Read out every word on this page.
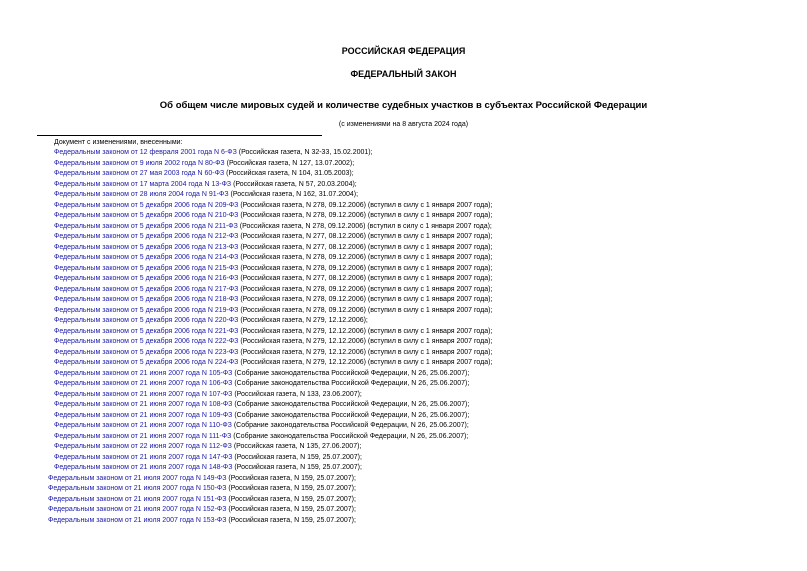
РОССИЙСКАЯ ФЕДЕРАЦИЯ
ФЕДЕРАЛЬНЫЙ ЗАКОН
Об общем числе мировых судей и количестве судебных участков в субъектах Российской Федерации
(с изменениями на 8 августа 2024 года)
Документ с изменениями, внесенными:
Федеральным законом от 12 февраля 2001 года N 6-ФЗ (Российская газета, N 32-33, 15.02.2001);
Федеральным законом от 9 июля 2002 года N 80-ФЗ (Российская газета, N 127, 13.07.2002);
Федеральным законом от 27 мая 2003 года N 60-ФЗ (Российская газета, N 104, 31.05.2003);
Федеральным законом от 17 марта 2004 года N 13-ФЗ (Российская газета, N 57, 20.03.2004);
Федеральным законом от 28 июля 2004 года N 91-ФЗ (Российская газета, N 162, 31.07.2004);
Федеральным законом от 5 декабря 2006 года N 209-ФЗ (Российская газета, N 278, 09.12.2006) (вступил в силу с 1 января 2007 года);
Федеральным законом от 5 декабря 2006 года N 210-ФЗ (Российская газета, N 278, 09.12.2006) (вступил в силу с 1 января 2007 года);
Федеральным законом от 5 декабря 2006 года N 211-ФЗ (Российская газета, N 278, 09.12.2006) (вступил в силу с 1 января 2007 года);
Федеральным законом от 5 декабря 2006 года N 212-ФЗ (Российская газета, N 277, 08.12.2006) (вступил в силу с 1 января 2007 года);
Федеральным законом от 5 декабря 2006 года N 213-ФЗ (Российская газета, N 277, 08.12.2006) (вступил в силу с 1 января 2007 года);
Федеральным законом от 5 декабря 2006 года N 214-ФЗ (Российская газета, N 278, 09.12.2006) (вступил в силу с 1 января 2007 года);
Федеральным законом от 5 декабря 2006 года N 215-ФЗ (Российская газета, N 278, 09.12.2006) (вступил в силу с 1 января 2007 года);
Федеральным законом от 5 декабря 2006 года N 216-ФЗ (Российская газета, N 277, 08.12.2006) (вступил в силу с 1 января 2007 года);
Федеральным законом от 5 декабря 2006 года N 217-ФЗ (Российская газета, N 278, 09.12.2006) (вступил в силу с 1 января 2007 года);
Федеральным законом от 5 декабря 2006 года N 218-ФЗ (Российская газета, N 278, 09.12.2006) (вступил в силу с 1 января 2007 года);
Федеральным законом от 5 декабря 2006 года N 219-ФЗ (Российская газета, N 278, 09.12.2006) (вступил в силу с 1 января 2007 года);
Федеральным законом от 5 декабря 2006 года N 220-ФЗ (Российская газета, N 279, 12.12.2006);
Федеральным законом от 5 декабря 2006 года N 221-ФЗ (Российская газета, N 279, 12.12.2006) (вступил в силу с 1 января 2007 года);
Федеральным законом от 5 декабря 2006 года N 222-ФЗ (Российская газета, N 279, 12.12.2006) (вступил в силу с 1 января 2007 года);
Федеральным законом от 5 декабря 2006 года N 223-ФЗ (Российская газета, N 279, 12.12.2006) (вступил в силу с 1 января 2007 года);
Федеральным законом от 5 декабря 2006 года N 224-ФЗ (Российская газета, N 279, 12.12.2006) (вступил в силу с 1 января 2007 года);
Федеральным законом от 21 июня 2007 года N 105-ФЗ (Собрание законодательства Российской Федерации, N 26, 25.06.2007);
Федеральным законом от 21 июня 2007 года N 106-ФЗ (Собрание законодательства Российской Федерации, N 26, 25.06.2007);
Федеральным законом от 21 июня 2007 года N 107-ФЗ (Российская газета, N 133, 23.06.2007);
Федеральным законом от 21 июня 2007 года N 108-ФЗ (Собрание законодательства Российской Федерации, N 26, 25.06.2007);
Федеральным законом от 21 июня 2007 года N 109-ФЗ (Собрание законодательства Российской Федерации, N 26, 25.06.2007);
Федеральным законом от 21 июня 2007 года N 110-ФЗ (Собрание законодательства Российской Федерации, N 26, 25.06.2007);
Федеральным законом от 21 июня 2007 года N 111-ФЗ (Собрание законодательства Российской Федерации, N 26, 25.06.2007);
Федеральным законом от 22 июня 2007 года N 112-ФЗ (Российская газета, N 135, 27.06.2007);
Федеральным законом от 21 июля 2007 года N 147-ФЗ (Российская газета, N 159, 25.07.2007);
Федеральным законом от 21 июля 2007 года N 148-ФЗ (Российская газета, N 159, 25.07.2007);
Федеральным законом от 21 июля 2007 года N 149-ФЗ (Российская газета, N 159, 25.07.2007);
Федеральным законом от 21 июля 2007 года N 150-ФЗ (Российская газета, N 159, 25.07.2007);
Федеральным законом от 21 июля 2007 года N 151-ФЗ (Российская газета, N 159, 25.07.2007);
Федеральным законом от 21 июля 2007 года N 152-ФЗ (Российская газета, N 159, 25.07.2007);
Федеральным законом от 21 июля 2007 года N 153-ФЗ (Российская газета, N 159, 25.07.2007);
